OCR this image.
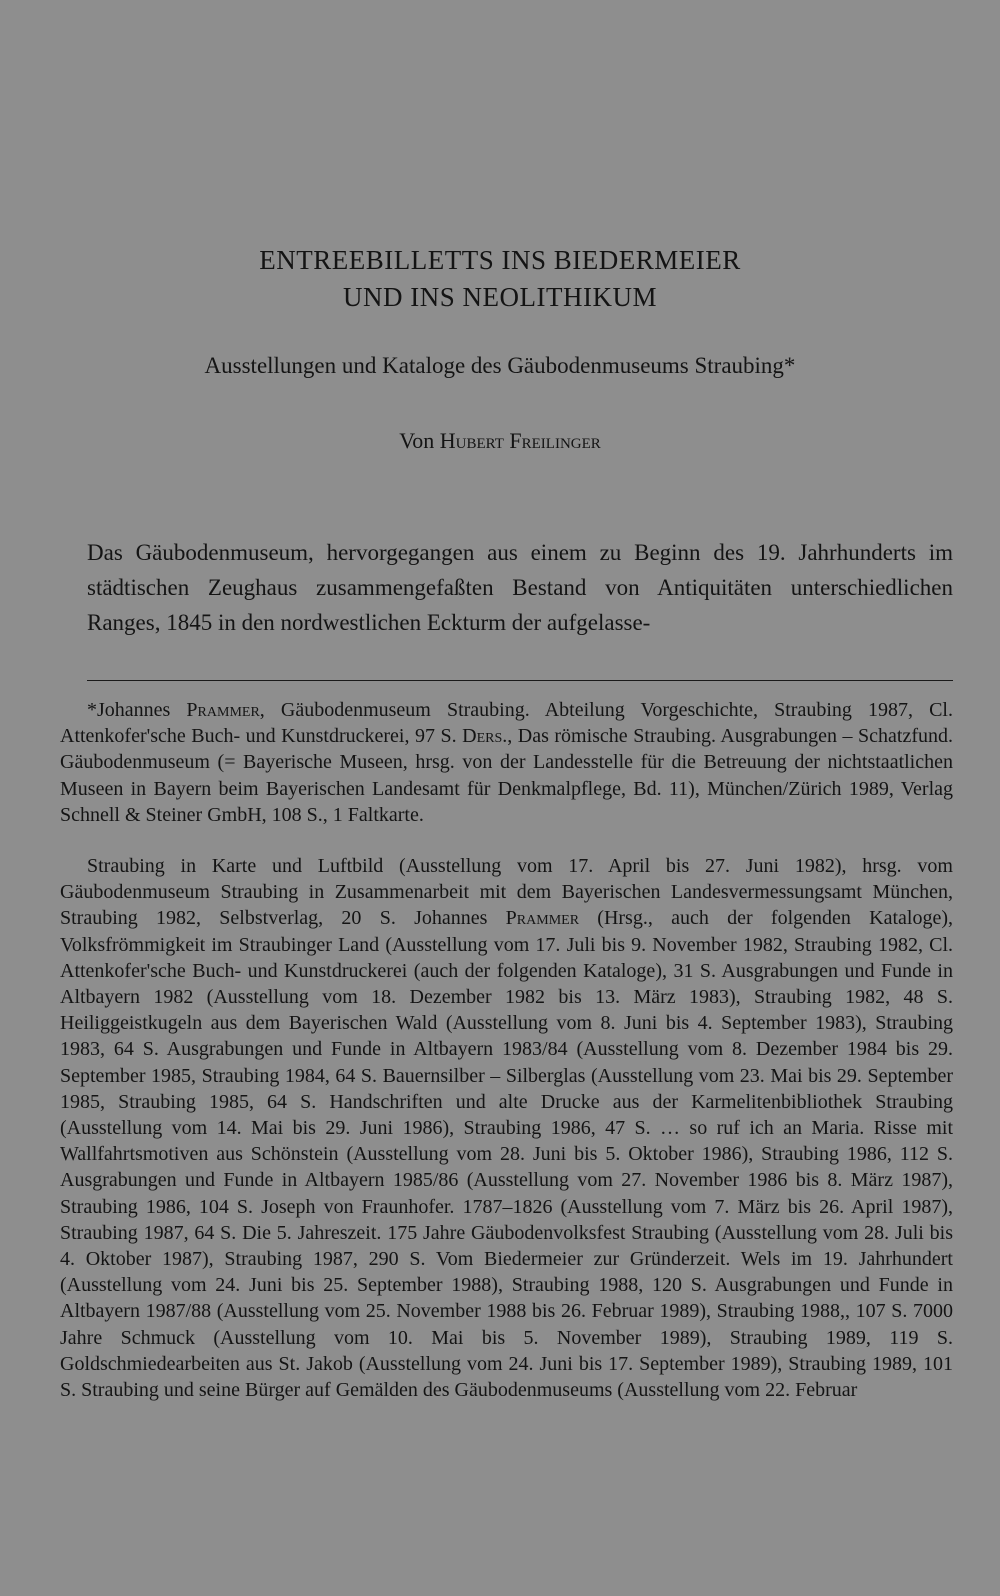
ENTREEBILLETTS INS BIEDERMEIER
UND INS NEOLITHIKUM
Ausstellungen und Kataloge des Gäubodenmuseums Straubing*
Von Hubert Freilinger

Das Gäubodenmuseum, hervorgegangen aus einem zu Beginn des 19. Jahrhunderts im städtischen Zeughaus zusammengefaßten Bestand von Antiquitäten unterschiedlichen Ranges, 1845 in den nordwestlichen Eckturm der aufgelasse-

*Johannes Prammer, Gäubodenmuseum Straubing. Abteilung Vorgeschichte, Straubing 1987, Cl. Attenkofer'sche Buch- und Kunstdruckerei, 97 S. Ders., Das römische Straubing. Ausgrabungen – Schatzfund. Gäubodenmuseum (= Bayerische Museen, hrsg. von der Landesstelle für die Betreuung der nichtstaatlichen Museen in Bayern beim Bayerischen Landesamt für Denkmalpflege, Bd. 11), München/Zürich 1989, Verlag Schnell & Steiner GmbH, 108 S., 1 Faltkarte.

Straubing in Karte und Luftbild (Ausstellung vom 17. April bis 27. Juni 1982), hrsg. vom Gäubodenmuseum Straubing in Zusammenarbeit mit dem Bayerischen Landesvermessungsamt München, Straubing 1982, Selbstverlag, 20 S. Johannes Prammer (Hrsg., auch der folgenden Kataloge), Volksfrömmigkeit im Straubinger Land (Ausstellung vom 17. Juli bis 9. November 1982, Straubing 1982, Cl. Attenkofer'sche Buch- und Kunstdruckerei (auch der folgenden Kataloge), 31 S. Ausgrabungen und Funde in Altbayern 1982 (Ausstellung vom 18. Dezember 1982 bis 13. März 1983), Straubing 1982, 48 S. Heiliggeistkugeln aus dem Bayerischen Wald (Ausstellung vom 8. Juni bis 4. September 1983), Straubing 1983, 64 S. Ausgrabungen und Funde in Altbayern 1983/84 (Ausstellung vom 8. Dezember 1984 bis 29. September 1985, Straubing 1984, 64 S. Bauernsilber – Silberglas (Ausstellung vom 23. Mai bis 29. September 1985, Straubing 1985, 64 S. Handschriften und alte Drucke aus der Karmelitenbibliothek Straubing (Ausstellung vom 14. Mai bis 29. Juni 1986), Straubing 1986, 47 S. … so ruf ich an Maria. Risse mit Wallfahrtsmotiven aus Schönstein (Ausstellung vom 28. Juni bis 5. Oktober 1986), Straubing 1986, 112 S. Ausgrabungen und Funde in Altbayern 1985/86 (Ausstellung vom 27. November 1986 bis 8. März 1987), Straubing 1986, 104 S. Joseph von Fraunhofer. 1787–1826 (Ausstellung vom 7. März bis 26. April 1987), Straubing 1987, 64 S. Die 5. Jahreszeit. 175 Jahre Gäubodenvolksfest Straubing (Ausstellung vom 28. Juli bis 4. Oktober 1987), Straubing 1987, 290 S. Vom Biedermeier zur Gründerzeit. Wels im 19. Jahrhundert (Ausstellung vom 24. Juni bis 25. September 1988), Straubing 1988, 120 S. Ausgrabungen und Funde in Altbayern 1987/88 (Ausstellung vom 25. November 1988 bis 26. Februar 1989), Straubing 1988,, 107 S. 7000 Jahre Schmuck (Ausstellung vom 10. Mai bis 5. November 1989), Straubing 1989, 119 S. Goldschmiedearbeiten aus St. Jakob (Ausstellung vom 24. Juni bis 17. September 1989), Straubing 1989, 101 S. Straubing und seine Bürger auf Gemälden des Gäubodenmuseums (Ausstellung vom 22. Februar
